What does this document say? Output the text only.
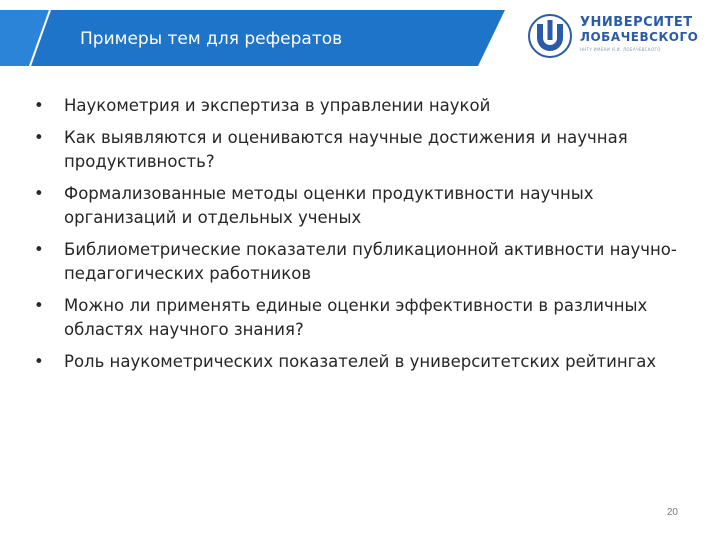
Примеры тем для рефератов
УНИВЕРСИТЕТ
ЛОБАЧЕВСКОГО
ННГУ ИМЕНИ Н.И. ЛОБАЧЕВСКОГО
• Наукометрия и экспертиза в управлении наукой
• Как выявляются и оцениваются научные достижения и научная продуктивность?
• Формализованные методы оценки продуктивности научных организаций и отдельных ученых
• Библиометрические показатели публикационной активности научно-педагогических работников
• Можно ли применять единые оценки эффективности в различных областях научного знания?
• Роль наукометрических показателей в университетских рейтингах
20
